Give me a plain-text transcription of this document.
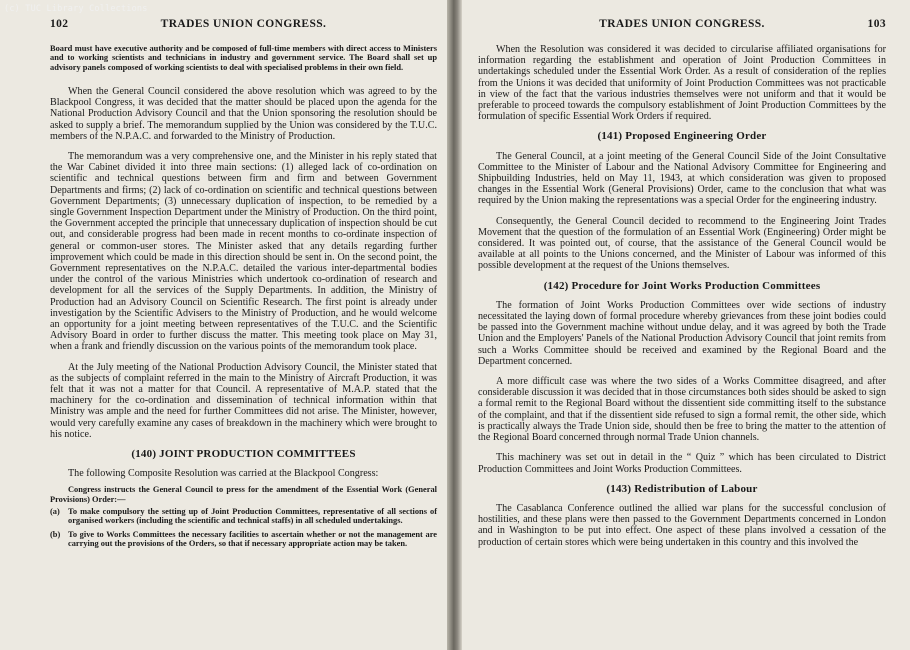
(c) TUC Library Collections
102	TRADES UNION CONGRESS.

Board must have executive authority and be composed of full-time members with direct access to Ministers and to working scientists and technicians in industry and government service. The Board shall set up advisory panels composed of working scientists to deal with specialised problems in their own field.

When the General Council considered the above resolution which was agreed to by the Blackpool Congress, it was decided that the matter should be placed upon the agenda for the National Production Advisory Council and that the Union sponsoring the resolution should be asked to supply a brief. The memorandum supplied by the Union was considered by the T.U.C. members of the N.P.A.C. and forwarded to the Ministry of Production.

The memorandum was a very comprehensive one, and the Minister in his reply stated that the War Cabinet divided it into three main sections: (1) alleged lack of co-ordination on scientific and technical questions between firm and firm and between Government Departments and firms; (2) lack of co-ordination on scientific and technical questions between Government Departments; (3) unnecessary duplication of inspection, to be remedied by a single Government Inspection Department under the Ministry of Production. On the third point, the Government accepted the principle that unnecessary duplication of inspection should be cut out, and considerable progress had been made in recent months to co-ordinate inspection of general or common-user stores. The Minister asked that any details regarding further improvement which could be made in this direction should be sent in. On the second point, the Government representatives on the N.P.A.C. detailed the various inter-departmental bodies under the control of the various Ministries which undertook co-ordination of research and development for all the services of the Supply Departments. In addition, the Ministry of Production had an Advisory Council on Scientific Research. The first point is already under investigation by the Scientific Advisers to the Ministry of Production, and he would welcome an opportunity for a joint meeting between representatives of the T.U.C. and the Scientific Advisory Board in order to further discuss the matter. This meeting took place on May 31, when a frank and friendly discussion on the various points of the memorandum took place.

At the July meeting of the National Production Advisory Council, the Minister stated that as the subjects of complaint referred in the main to the Ministry of Aircraft Production, it was felt that it was not a matter for that Council. A representative of M.A.P. stated that the machinery for the co-ordination and dissemination of technical information within that Ministry was ample and the need for further Committees did not arise. The Minister, however, would very carefully examine any cases of breakdown in the machinery which were brought to his notice.

(140) JOINT PRODUCTION COMMITTEES

The following Composite Resolution was carried at the Blackpool Congress:

Congress instructs the General Council to press for the amendment of the Essential Work (General Provisions) Order:—

(a) To make compulsory the setting up of Joint Production Committees, representative of all sections of organised workers (including the scientific and technical staffs) in all scheduled undertakings.
(b) To give to Works Committees the necessary facilities to ascertain whether or not the management are carrying out the provisions of the Orders, so that if necessary appropriate action may be taken.
TRADES UNION CONGRESS.	103

When the Resolution was considered it was decided to circularise affiliated organisations for information regarding the establishment and operation of Joint Production Committees in undertakings scheduled under the Essential Work Order. As a result of consideration of the replies from the Unions it was decided that uniformity of Joint Production Committees was not practicable in view of the fact that the various industries themselves were not uniform and that it would be preferable to proceed towards the compulsory establishment of Joint Production Committees by the formulation of specific Essential Work Orders if required.

(141) Proposed Engineering Order

The General Council, at a joint meeting of the General Council Side of the Joint Consultative Committee to the Minister of Labour and the National Advisory Committee for Engineering and Shipbuilding Industries, held on May 11, 1943, at which consideration was given to proposed changes in the Essential Work (General Provisions) Order, came to the conclusion that what was required by the Union making the representations was a special Order for the engineering industry.

Consequently, the General Council decided to recommend to the Engineering Joint Trades Movement that the question of the formulation of an Essential Work (Engineering) Order might be considered. It was pointed out, of course, that the assistance of the General Council would be available at all points to the Unions concerned, and the Minister of Labour was informed of this possible development at the request of the Unions themselves.

(142) Procedure for Joint Works Production Committees

The formation of Joint Works Production Committees over wide sections of industry necessitated the laying down of formal procedure whereby grievances from these joint bodies could be passed into the Government machine without undue delay, and it was agreed by both the Trade Union and the Employers' Panels of the National Production Advisory Council that joint remits from such a Works Committee should be received and examined by the Regional Board and the Department concerned.

A more difficult case was where the two sides of a Works Committee disagreed, and after considerable discussion it was decided that in those circumstances both sides should be asked to sign a formal remit to the Regional Board without the dissentient side committing itself to the substance of the complaint, and that if the dissentient side refused to sign a formal remit, the other side, which is practically always the Trade Union side, should then be free to bring the matter to the attention of the Regional Board concerned through normal Trade Union channels.

This machinery was set out in detail in the “ Quiz ” which has been circulated to District Production Committees and Joint Works Production Committees.

(143) Redistribution of Labour

The Casablanca Conference outlined the allied war plans for the successful conclusion of hostilities, and these plans were then passed to the Government Departments concerned in London and in Washington to be put into effect. One aspect of these plans involved a cessation of the production of certain stores which were being undertaken in this country and this involved the
